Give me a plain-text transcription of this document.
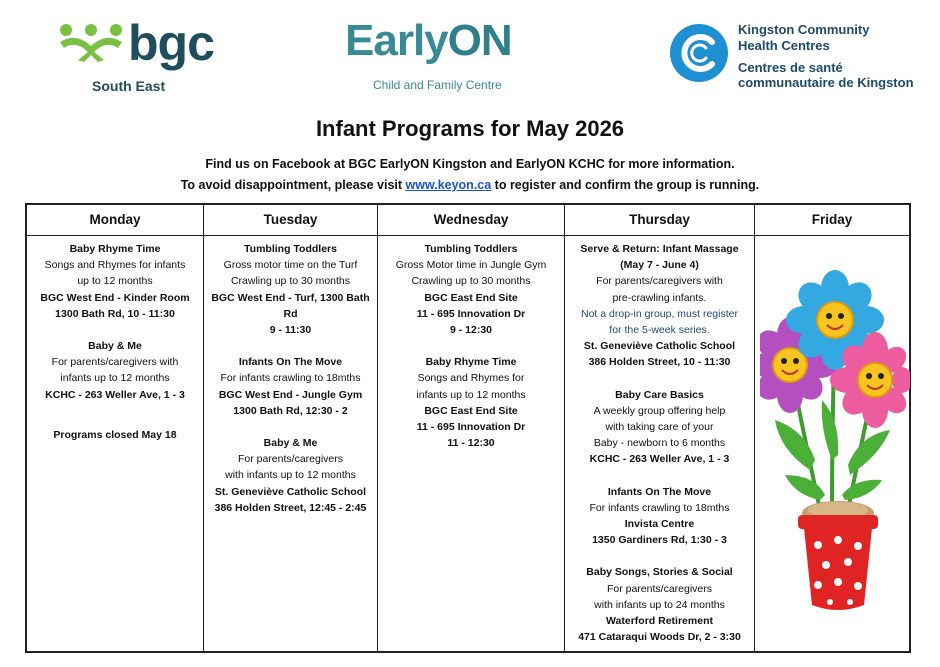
bgc
South East
EarlyON
Child and Family Centre
Kingston Community
Health Centres
Centres de santé
communautaire de Kingston
Infant Programs for May 2026
Find us on Facebook at BGC EarlyON Kingston and EarlyON KCHC for more information.
To avoid disappointment, please visit www.keyon.ca to register and confirm the group is running.
Monday
Baby Rhyme Time
Songs and Rhymes for infants
up to 12 months
BGC West End - Kinder Room
1300 Bath Rd, 10 - 11:30
Baby & Me
For parents/caregivers with
infants up to 12 months
KCHC - 263 Weller Ave, 1 - 3
Programs closed May 18
Tuesday
Tumbling Toddlers
Gross motor time on the Turf
Crawling up to 30 months
BGC West End - Turf, 1300 Bath Rd
9 - 11:30
Infants On The Move
For infants crawling to 18mths
BGC West End - Jungle Gym
1300 Bath Rd, 12:30 - 2
Baby & Me
For parents/caregivers
with infants up to 12 months
St. Geneviève Catholic School
386 Holden Street, 12:45 - 2:45
Wednesday
Tumbling Toddlers
Gross Motor time in Jungle Gym
Crawling up to 30 months
BGC East End Site
11 - 695 Innovation Dr
9 - 12:30
Baby Rhyme Time
Songs and Rhymes for
infants up to 12 months
BGC East End Site
11 - 695 Innovation Dr
11 - 12:30
Thursday
Serve & Return: Infant Massage
(May 7 - June 4)
For parents/caregivers with
pre-crawling infants.
Not a drop-in group, must register
for the 5-week series.
St. Geneviève Catholic School
386 Holden Street, 10 - 11:30
Baby Care Basics
A weekly group offering help
with taking care of your
Baby - newborn to 6 months
KCHC - 263 Weller Ave, 1 - 3
Infants On The Move
For infants crawling to 18mths
Invista Centre
1350 Gardiners Rd, 1:30 - 3
Baby Songs, Stories & Social
For parents/caregivers
with infants up to 24 months
Waterford Retirement
471 Cataraqui Woods Dr, 2 - 3:30
Friday
